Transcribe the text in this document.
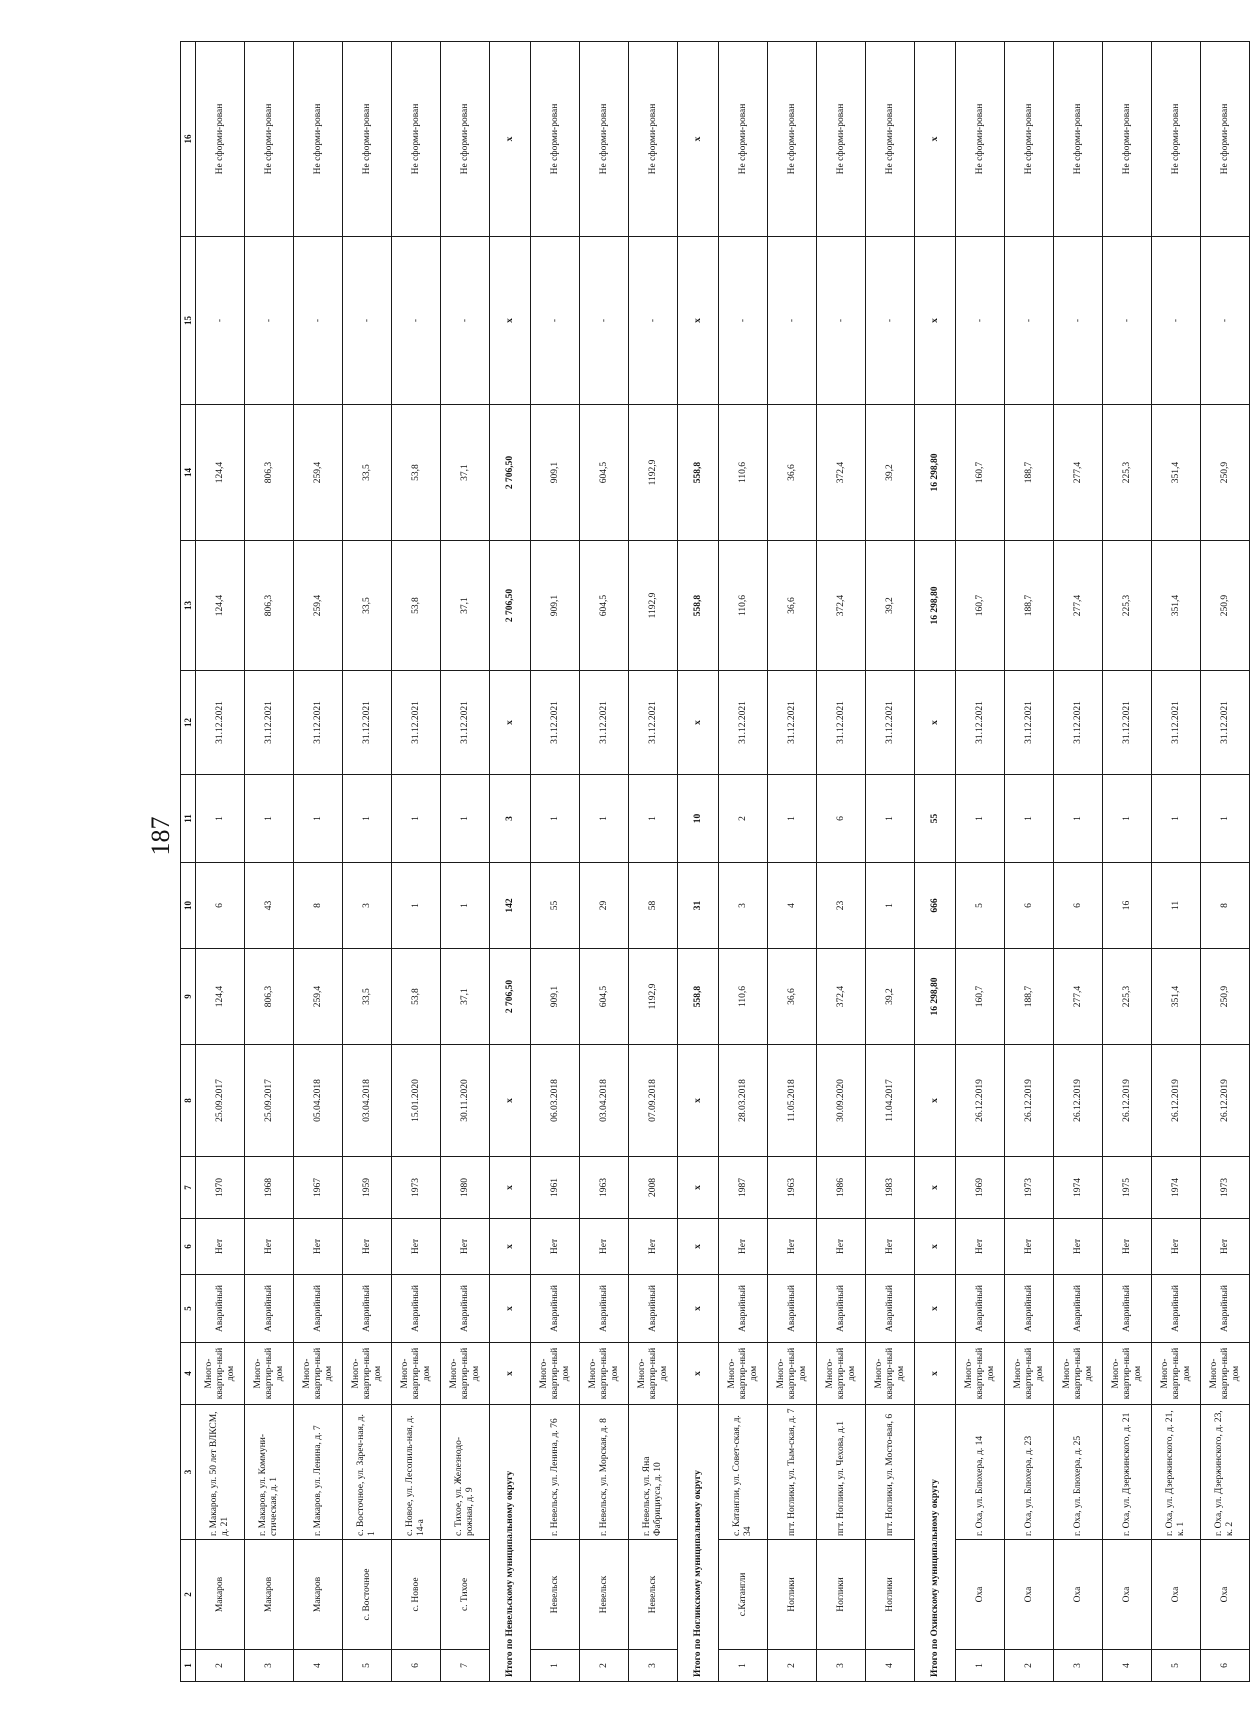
187
1	2	3	4	5	6	7	8	9	10	11	12	13	14	15	16
2	Макаров	г. Макаров, ул. 50 лет ВЛКСМ, д. 21	Много-квартир-ный дом	Аварийный	Нет	1970	25.09.2017	124,4	6	1	31.12.2021	124,4	124,4	-	Не сформи-рован
3	Макаров	г. Макаров, ул. Коммуни-стическая, д. 1	Много-квартир-ный дом	Аварийный	Нет	1968	25.09.2017	806,3	43	1	31.12.2021	806,3	806,3	-	Не сформи-рован
4	Макаров	г. Макаров, ул. Ленина, д. 7	Много-квартир-ный дом	Аварийный	Нет	1967	05.04.2018	259,4	8	1	31.12.2021	259,4	259,4	-	Не сформи-рован
5	с. Восточное	с. Восточное, ул. Зареч-ная, д. 1	Много-квартир-ный дом	Аварийный	Нет	1959	03.04.2018	33,5	3	1	31.12.2021	33,5	33,5	-	Не сформи-рован
6	с. Новое	с. Новое, ул. Лесопиль-ная, д. 14-а	Много-квартир-ный дом	Аварийный	Нет	1973	15.01.2020	53,8	1	1	31.12.2021	53,8	53,8	-	Не сформи-рован
7	с. Тихое	с. Тихое, ул. Железнодо-рожная, д. 9	Много-квартир-ный дом	Аварийный	Нет	1980	30.11.2020	37,1	1	1	31.12.2021	37,1	37,1	-	Не сформи-рован
Итого по Невельскому муниципальному округу			x	x	x	x	x	2 706,50	142	3	x	2 706,50	2 706,50	x	x
1	Невельск	г. Невельск, ул. Ленина, д. 76	Много-квартир-ный дом	Аварийный	Нет	1961	06.03.2018	909,1	55	1	31.12.2021	909,1	909,1	-	Не сформи-рован
2	Невельск	г. Невельск, ул. Морская, д. 8	Много-квартир-ный дом	Аварийный	Нет	1963	03.04.2018	604,5	29	1	31.12.2021	604,5	604,5	-	Не сформи-рован
3	Невельск	г. Невельск, ул. Яна Фабрициуса, д. 10	Много-квартир-ный дом	Аварийный	Нет	2008	07.09.2018	1192,9	58	1	31.12.2021	1192,9	1192,9	-	Не сформи-рован
Итого по Ногликскому муниципальному округу			x	x	x	x	x	558,8	31	10	x	558,8	558,8	x	x
1	с.Катангли	с. Катангли, ул. Совет-ская, д. 34	Много-квартир-ный дом	Аварийный	Нет	1987	28.03.2018	110,6	3	2	31.12.2021	110,6	110,6	-	Не сформи-рован
2	Ноглики	пгт. Ноглики, ул. Тым-ская, д. 7	Много-квартир-ный дом	Аварийный	Нет	1963	11.05.2018	36,6	4	1	31.12.2021	36,6	36,6	-	Не сформи-рован
3	Ноглики	пгт. Ноглики, ул. Чехова, д.1	Много-квартир-ный дом	Аварийный	Нет	1986	30.09.2020	372,4	23	6	31.12.2021	372,4	372,4	-	Не сформи-рован
4	Ноглики	пгт. Ноглики, ул. Мосто-вая, 6	Много-квартир-ный дом	Аварийный	Нет	1983	11.04.2017	39,2	1	1	31.12.2021	39,2	39,2	-	Не сформи-рован
Итого по Охинскому муниципальному округу			x	x	x	x	x	16 298,80	666	55	x	16 298,80	16 298,80	x	x
1	Оха	г. Оха, ул. Блюхера, д. 14	Много-квартир-ный дом	Аварийный	Нет	1969	26.12.2019	160,7	5	1	31.12.2021	160,7	160,7	-	Не сформи-рован
2	Оха	г. Оха, ул. Блюхера, д. 23	Много-квартир-ный дом	Аварийный	Нет	1973	26.12.2019	188,7	6	1	31.12.2021	188,7	188,7	-	Не сформи-рован
3	Оха	г. Оха, ул. Блюхера, д. 25	Много-квартир-ный дом	Аварийный	Нет	1974	26.12.2019	277,4	6	1	31.12.2021	277,4	277,4	-	Не сформи-рован
4	Оха	г. Оха, ул. Дзержинского, д. 21	Много-квартир-ный дом	Аварийный	Нет	1975	26.12.2019	225,3	16	1	31.12.2021	225,3	225,3	-	Не сформи-рован
5	Оха	г. Оха, ул. Дзержинского, д. 21, к. 1	Много-квартир-ный дом	Аварийный	Нет	1974	26.12.2019	351,4	11	1	31.12.2021	351,4	351,4	-	Не сформи-рован
6	Оха	г. Оха, ул. Дзержинского, д. 23, к. 2	Много-квартир-ный дом	Аварийный	Нет	1973	26.12.2019	250,9	8	1	31.12.2021	250,9	250,9	-	Не сформи-рован
